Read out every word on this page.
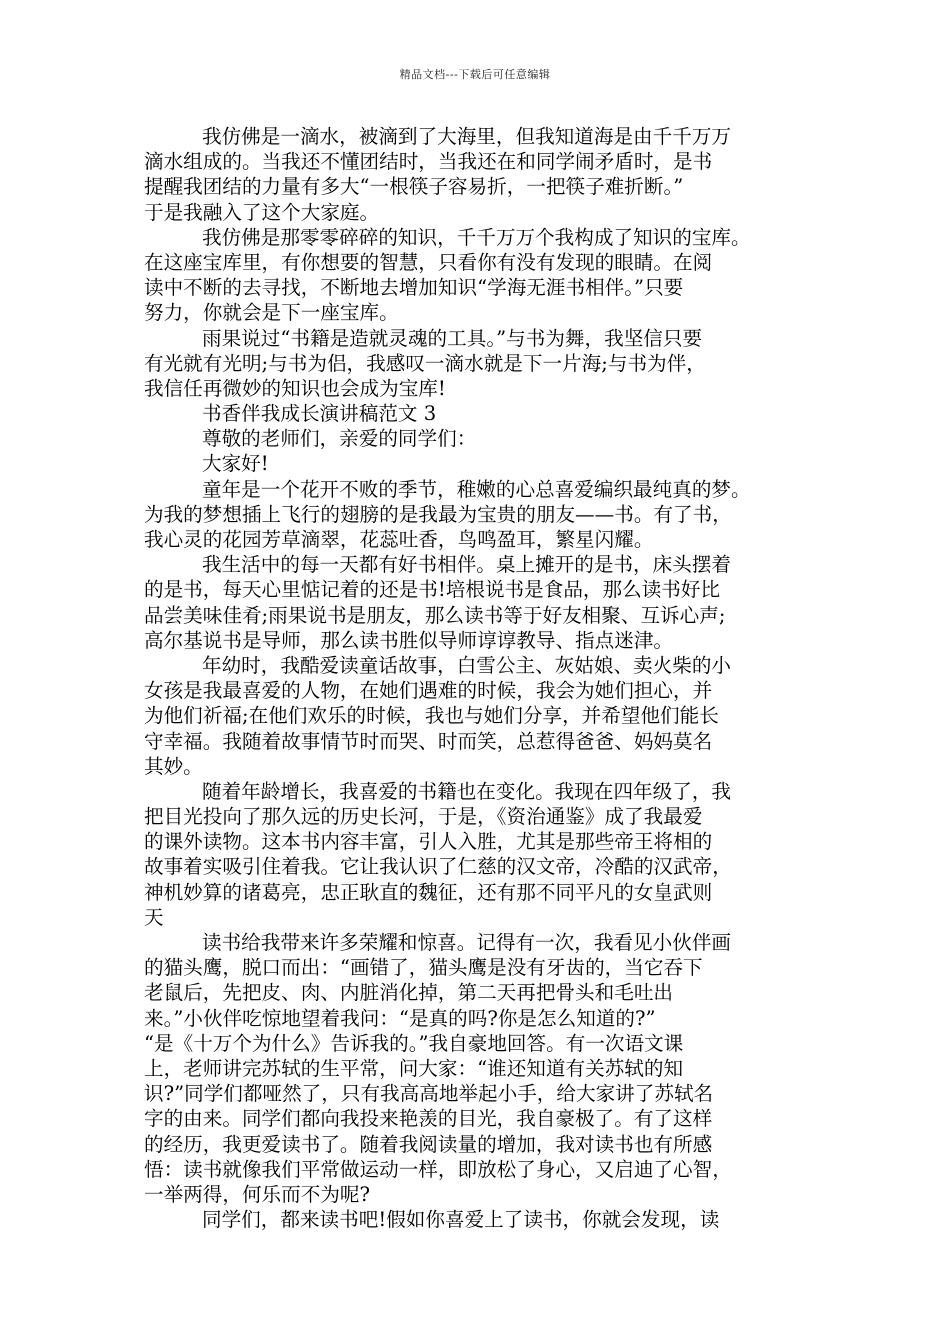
精品文档---下载后可任意编辑
我仿佛是一滴水，被滴到了大海里，但我知道海是由千千万万
滴水组成的。当我还不懂团结时，当我还在和同学闹矛盾时，是书
提醒我团结的力量有多大“一根筷子容易折，一把筷子难折断。”
于是我融入了这个大家庭。
我仿佛是那零零碎碎的知识，千千万万个我构成了知识的宝库。
在这座宝库里，有你想要的智慧，只看你有没有发现的眼睛。在阅
读中不断的去寻找，不断地去增加知识“学海无涯书相伴。”只要
努力，你就会是下一座宝库。
雨果说过“书籍是造就灵魂的工具。”与书为舞，我坚信只要
有光就有光明;与书为侣，我感叹一滴水就是下一片海;与书为伴，
我信任再微妙的知识也会成为宝库!
书香伴我成长演讲稿范文 3
尊敬的老师们，亲爱的同学们：
大家好!
童年是一个花开不败的季节，稚嫩的心总喜爱编织最纯真的梦。
为我的梦想插上飞行的翅膀的是我最为宝贵的朋友——书。有了书，
我心灵的花园芳草滴翠，花蕊吐香，鸟鸣盈耳，繁星闪耀。
我生活中的每一天都有好书相伴。桌上摊开的是书，床头摆着
的是书，每天心里惦记着的还是书!培根说书是食品，那么读书好比
品尝美味佳肴;雨果说书是朋友，那么读书等于好友相聚、互诉心声;
高尔基说书是导师，那么读书胜似导师谆谆教导、指点迷津。
年幼时，我酷爱读童话故事，白雪公主、灰姑娘、卖火柴的小
女孩是我最喜爱的人物，在她们遇难的时候，我会为她们担心，并
为他们祈福;在他们欢乐的时候，我也与她们分享，并希望他们能长
守幸福。我随着故事情节时而哭、时而笑，总惹得爸爸、妈妈莫名
其妙。
随着年龄增长，我喜爱的书籍也在变化。我现在四年级了，我
把目光投向了那久远的历史长河，于是，《资治通鉴》成了我最爱
的课外读物。这本书内容丰富，引人入胜，尤其是那些帝王将相的
故事着实吸引住着我。它让我认识了仁慈的汉文帝，冷酷的汉武帝，
神机妙算的诸葛亮，忠正耿直的魏征，还有那不同平凡的女皇武则
天
读书给我带来许多荣耀和惊喜。记得有一次，我看见小伙伴画
的猫头鹰，脱口而出：“画错了，猫头鹰是没有牙齿的，当它吞下
老鼠后，先把皮、肉、内脏消化掉，第二天再把骨头和毛吐出
来。”小伙伴吃惊地望着我问：“是真的吗?你是怎么知道的?”
“是《十万个为什么》告诉我的。”我自豪地回答。有一次语文课
上，老师讲完苏轼的生平常，问大家：“谁还知道有关苏轼的知
识?”同学们都哑然了，只有我高高地举起小手，给大家讲了苏轼名
字的由来。同学们都向我投来艳羡的目光，我自豪极了。有了这样
的经历，我更爱读书了。随着我阅读量的增加，我对读书也有所感
悟：读书就像我们平常做运动一样，即放松了身心，又启迪了心智，
一举两得，何乐而不为呢?
同学们，都来读书吧!假如你喜爱上了读书，你就会发现，读
